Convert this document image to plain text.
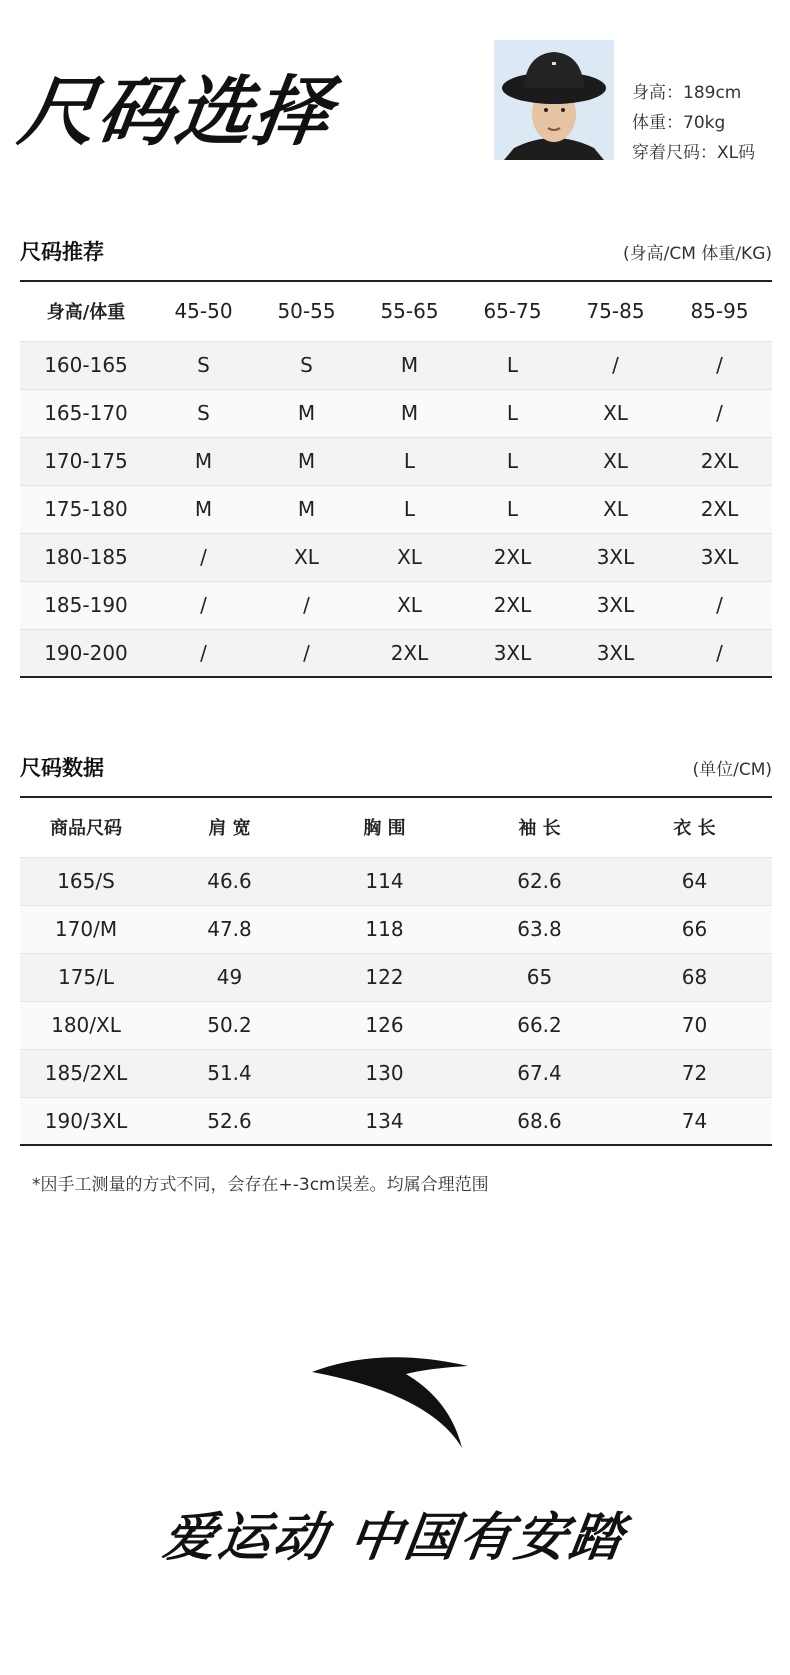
尺码选择	身高：189cm
体重：70kg
穿着尺码：XL码
尺码推荐	(身高/CM 体重/KG)
身高/体重	45-50	50-55	55-65	65-75	75-85	85-95
160-165	S	S	M	L	/	/
165-170	S	M	M	L	XL	/
170-175	M	M	L	L	XL	2XL
175-180	M	M	L	L	XL	2XL
180-185	/	XL	XL	2XL	3XL	3XL
185-190	/	/	XL	2XL	3XL	/
190-200	/	/	2XL	3XL	3XL	/
尺码数据	(单位/CM)
商品尺码	肩 宽	胸 围	袖 长	衣 长
165/S	46.6	114	62.6	64
170/M	47.8	118	63.8	66
175/L	49	122	65	68
180/XL	50.2	126	66.2	70
185/2XL	51.4	130	67.4	72
190/3XL	52.6	134	68.6	74
*因手工测量的方式不同，会存在+-3cm误差。均属合理范围
爱运动 中国有安踏
